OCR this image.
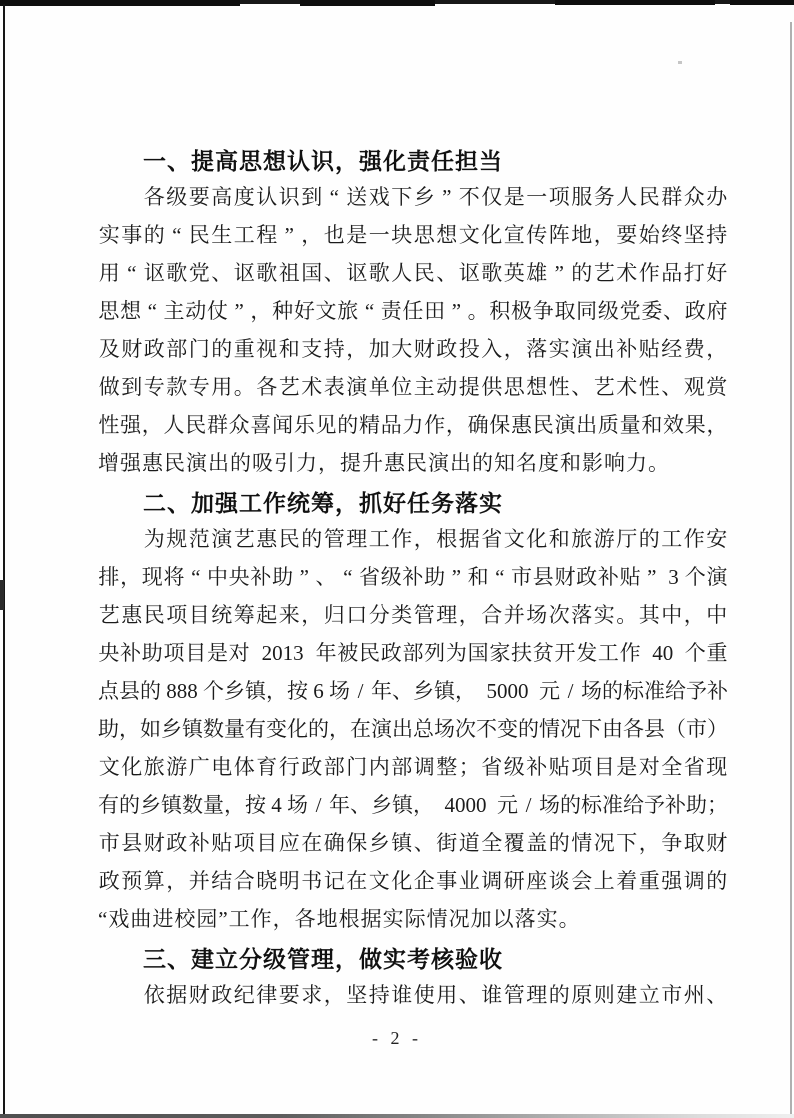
一、提高思想认识，强化责任担当
各 级 要 高 度 认 识 到 “ 送 戏 下 乡 ” 不 仅 是 一 项 服 务 人 民 群 众 办
实 事 的 “ 民 生 工 程 ” ， 也 是 一 块 思 想 文 化 宣 传 阵 地 ， 要 始 终 坚 持
用 “ 讴 歌 党 、 讴 歌 祖 国 、 讴 歌 人 民 、 讴 歌 英 雄 ” 的 艺 术 作 品 打 好
思 想 “ 主 动 仗 ” ， 种 好 文 旅 “ 责 任 田 ” 。 积 极 争 取 同 级 党 委 、 政 府
及 财 政 部 门 的 重 视 和 支 持 ， 加 大 财 政 投 入 ， 落 实 演 出 补 贴 经 费 ，
做 到 专 款 专 用 。 各 艺 术 表 演 单 位 主 动 提 供 思 想 性 、 艺 术 性 、 观 赏
性 强 ， 人 民 群 众 喜 闻 乐 见 的 精 品 力 作 ， 确 保 惠 民 演 出 质 量 和 效 果 ，
增强惠民演出的吸引力，提升惠民演出的知名度和影响力。
二、加强工作统筹，抓好任务落实
为 规 范 演 艺 惠 民 的 管 理 工 作 ， 根 据 省 文 化 和 旅 游 厅 的 工 作 安
排 ， 现 将 “ 中 央 补 助 ” 、 “ 省 级 补 助 ” 和 “ 市 县 财 政 补 贴 ” 3 个 演
艺 惠 民 项 目 统 筹 起 来 ， 归 口 分 类 管 理 ， 合 并 场 次 落 实 。 其 中 ， 中
央 补 助 项 目 是 对 2013 年 被 民 政 部 列 为 国 家 扶 贫 开 发 工 作 40 个 重
点 县 的 888 个 乡 镇 ， 按 6 场 / 年 、 乡 镇 ， 5000 元 / 场 的 标 准 给 予 补
助 ， 如 乡 镇 数 量 有 变 化 的 ， 在 演 出 总 场 次 不 变 的 情 况 下 由 各 县 （ 市 ）
文 化 旅 游 广 电 体 育 行 政 部 门 内 部 调 整 ； 省 级 补 贴 项 目 是 对 全 省 现
有 的 乡 镇 数 量 ， 按 4 场 / 年 、 乡 镇 ， 4000 元 / 场 的 标 准 给 予 补 助 ；
市 县 财 政 补 贴 项 目 应 在 确 保 乡 镇 、 街 道 全 覆 盖 的 情 况 下 ， 争 取 财
政 预 算 ， 并 结 合 晓 明 书 记 在 文 化 企 事 业 调 研 座 谈 会 上 着 重 强 调 的
“戏曲进校园”工作，各地根据实际情况加以落实。
三、建立分级管理，做实考核验收
依 据 财 政 纪 律 要 求 ， 坚 持 谁 使 用 、 谁 管 理 的 原 则 建 立 市 州 、
- 2 -
